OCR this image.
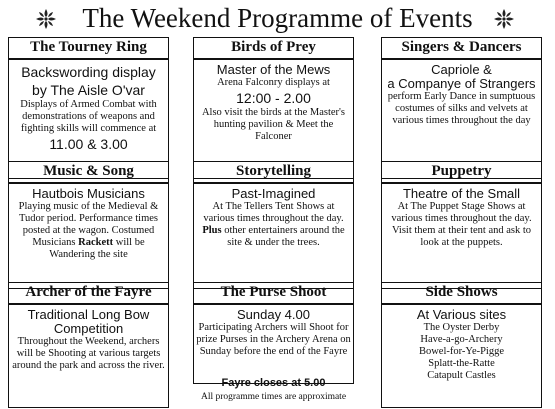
The Weekend Programme of Events
The Tourney Ring
Backswording display
by The Aisle O'var
Displays of Armed Combat with demonstrations of weapons and fighting skills will commence at
11.00 & 3.00
Birds of Prey
Master of the Mews
Arena Falconry displays at
12:00 - 2.00
Also visit the birds at the Master's hunting pavilion & Meet the Falconer
Singers & Dancers
Capriole &
a Companye of Strangers
perform Early Dance in sumptuous costumes of silks and velvets at various times throughout the day
Music & Song
Hautbois Musicians
Playing music of the Medieval & Tudor period. Performance times posted at the wagon. Costumed Musicians Rackett will be Wandering the site
Storytelling
Past-Imagined
At The Tellers Tent Shows at various times throughout the day. Plus other entertainers around the site & under the trees.
Puppetry
Theatre of the Small
At The Puppet Stage Shows at various times throughout the day. Visit them at their tent and ask to look at the puppets.
Archer of the Fayre
Traditional Long Bow
Competition
Throughout the Weekend, archers will be Shooting at various targets around the park and across the river.
The Purse Shoot
Sunday 4.00
Participating Archers will Shoot for prize Purses in the Archery Arena on Sunday before the end of the Fayre
Side Shows
At Various sites
The Oyster Derby
Have-a-go-Archery
Bowel-for-Ye-Pigge
Splatt-the-Ratte
Catapult Castles
Fayre closes at 5.00
All programme times are approximate
